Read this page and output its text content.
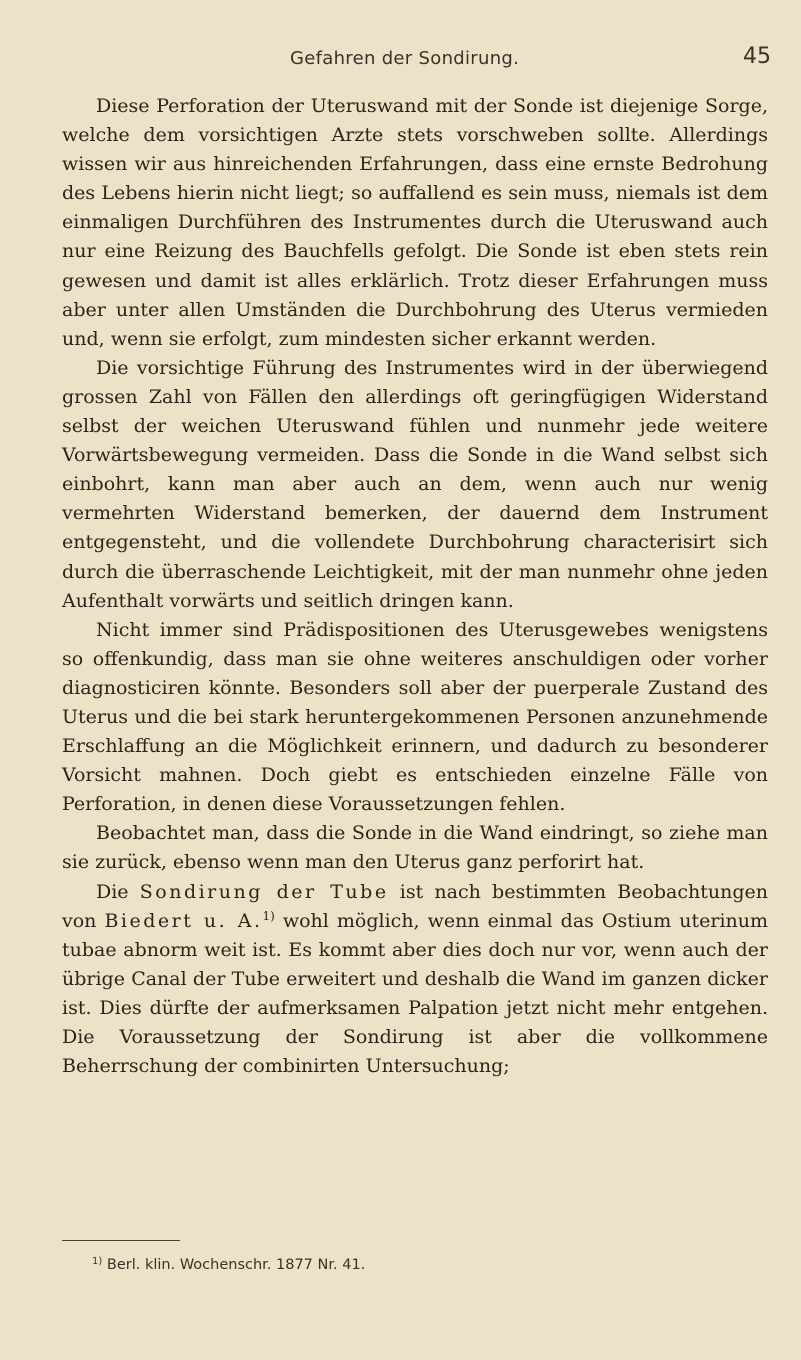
Gefahren der Sondirung.	45

Diese Perforation der Uteruswand mit der Sonde ist diejenige Sorge, welche dem vorsichtigen Arzte stets vorschweben sollte. Allerdings wissen wir aus hinreichenden Erfahrungen, dass eine ernste Bedrohung des Lebens hierin nicht liegt; so auffallend es sein muss, niemals ist dem einmaligen Durchführen des Instrumentes durch die Uteruswand auch nur eine Reizung des Bauchfells gefolgt. Die Sonde ist eben stets rein gewesen und damit ist alles erklärlich. Trotz dieser Erfahrungen muss aber unter allen Umständen die Durchbohrung des Uterus vermieden und, wenn sie erfolgt, zum mindesten sicher erkannt werden.

Die vorsichtige Führung des Instrumentes wird in der überwiegend grossen Zahl von Fällen den allerdings oft geringfügigen Widerstand selbst der weichen Uteruswand fühlen und nunmehr jede weitere Vorwärtsbewegung vermeiden. Dass die Sonde in die Wand selbst sich einbohrt, kann man aber auch an dem, wenn auch nur wenig vermehrten Widerstand bemerken, der dauernd dem Instrument entgegensteht, und die vollendete Durchbohrung characterisirt sich durch die überraschende Leichtigkeit, mit der man nunmehr ohne jeden Aufenthalt vorwärts und seitlich dringen kann.

Nicht immer sind Prädispositionen des Uterusgewebes wenigstens so offenkundig, dass man sie ohne weiteres anschuldigen oder vorher diagnosticiren könnte. Besonders soll aber der puerperale Zustand des Uterus und die bei stark heruntergekommenen Personen anzunehmende Erschlaffung an die Möglichkeit erinnern, und dadurch zu besonderer Vorsicht mahnen. Doch giebt es entschieden einzelne Fälle von Perforation, in denen diese Voraussetzungen fehlen.

Beobachtet man, dass die Sonde in die Wand eindringt, so ziehe man sie zurück, ebenso wenn man den Uterus ganz perforirt hat.

Die Sondirung der Tube ist nach bestimmten Beobachtungen von Biedert u. A.$^{1)}$ wohl möglich, wenn einmal das Ostium uterinum tubae abnorm weit ist. Es kommt aber dies doch nur vor, wenn auch der übrige Canal der Tube erweitert und deshalb die Wand im ganzen dicker ist. Dies dürfte der aufmerksamen Palpation jetzt nicht mehr entgehen. Die Voraussetzung der Sondirung ist aber die vollkommene Beherrschung der combinirten Untersuchung;

$^{1)}$ Berl. klin. Wochenschr. 1877 Nr. 41.
